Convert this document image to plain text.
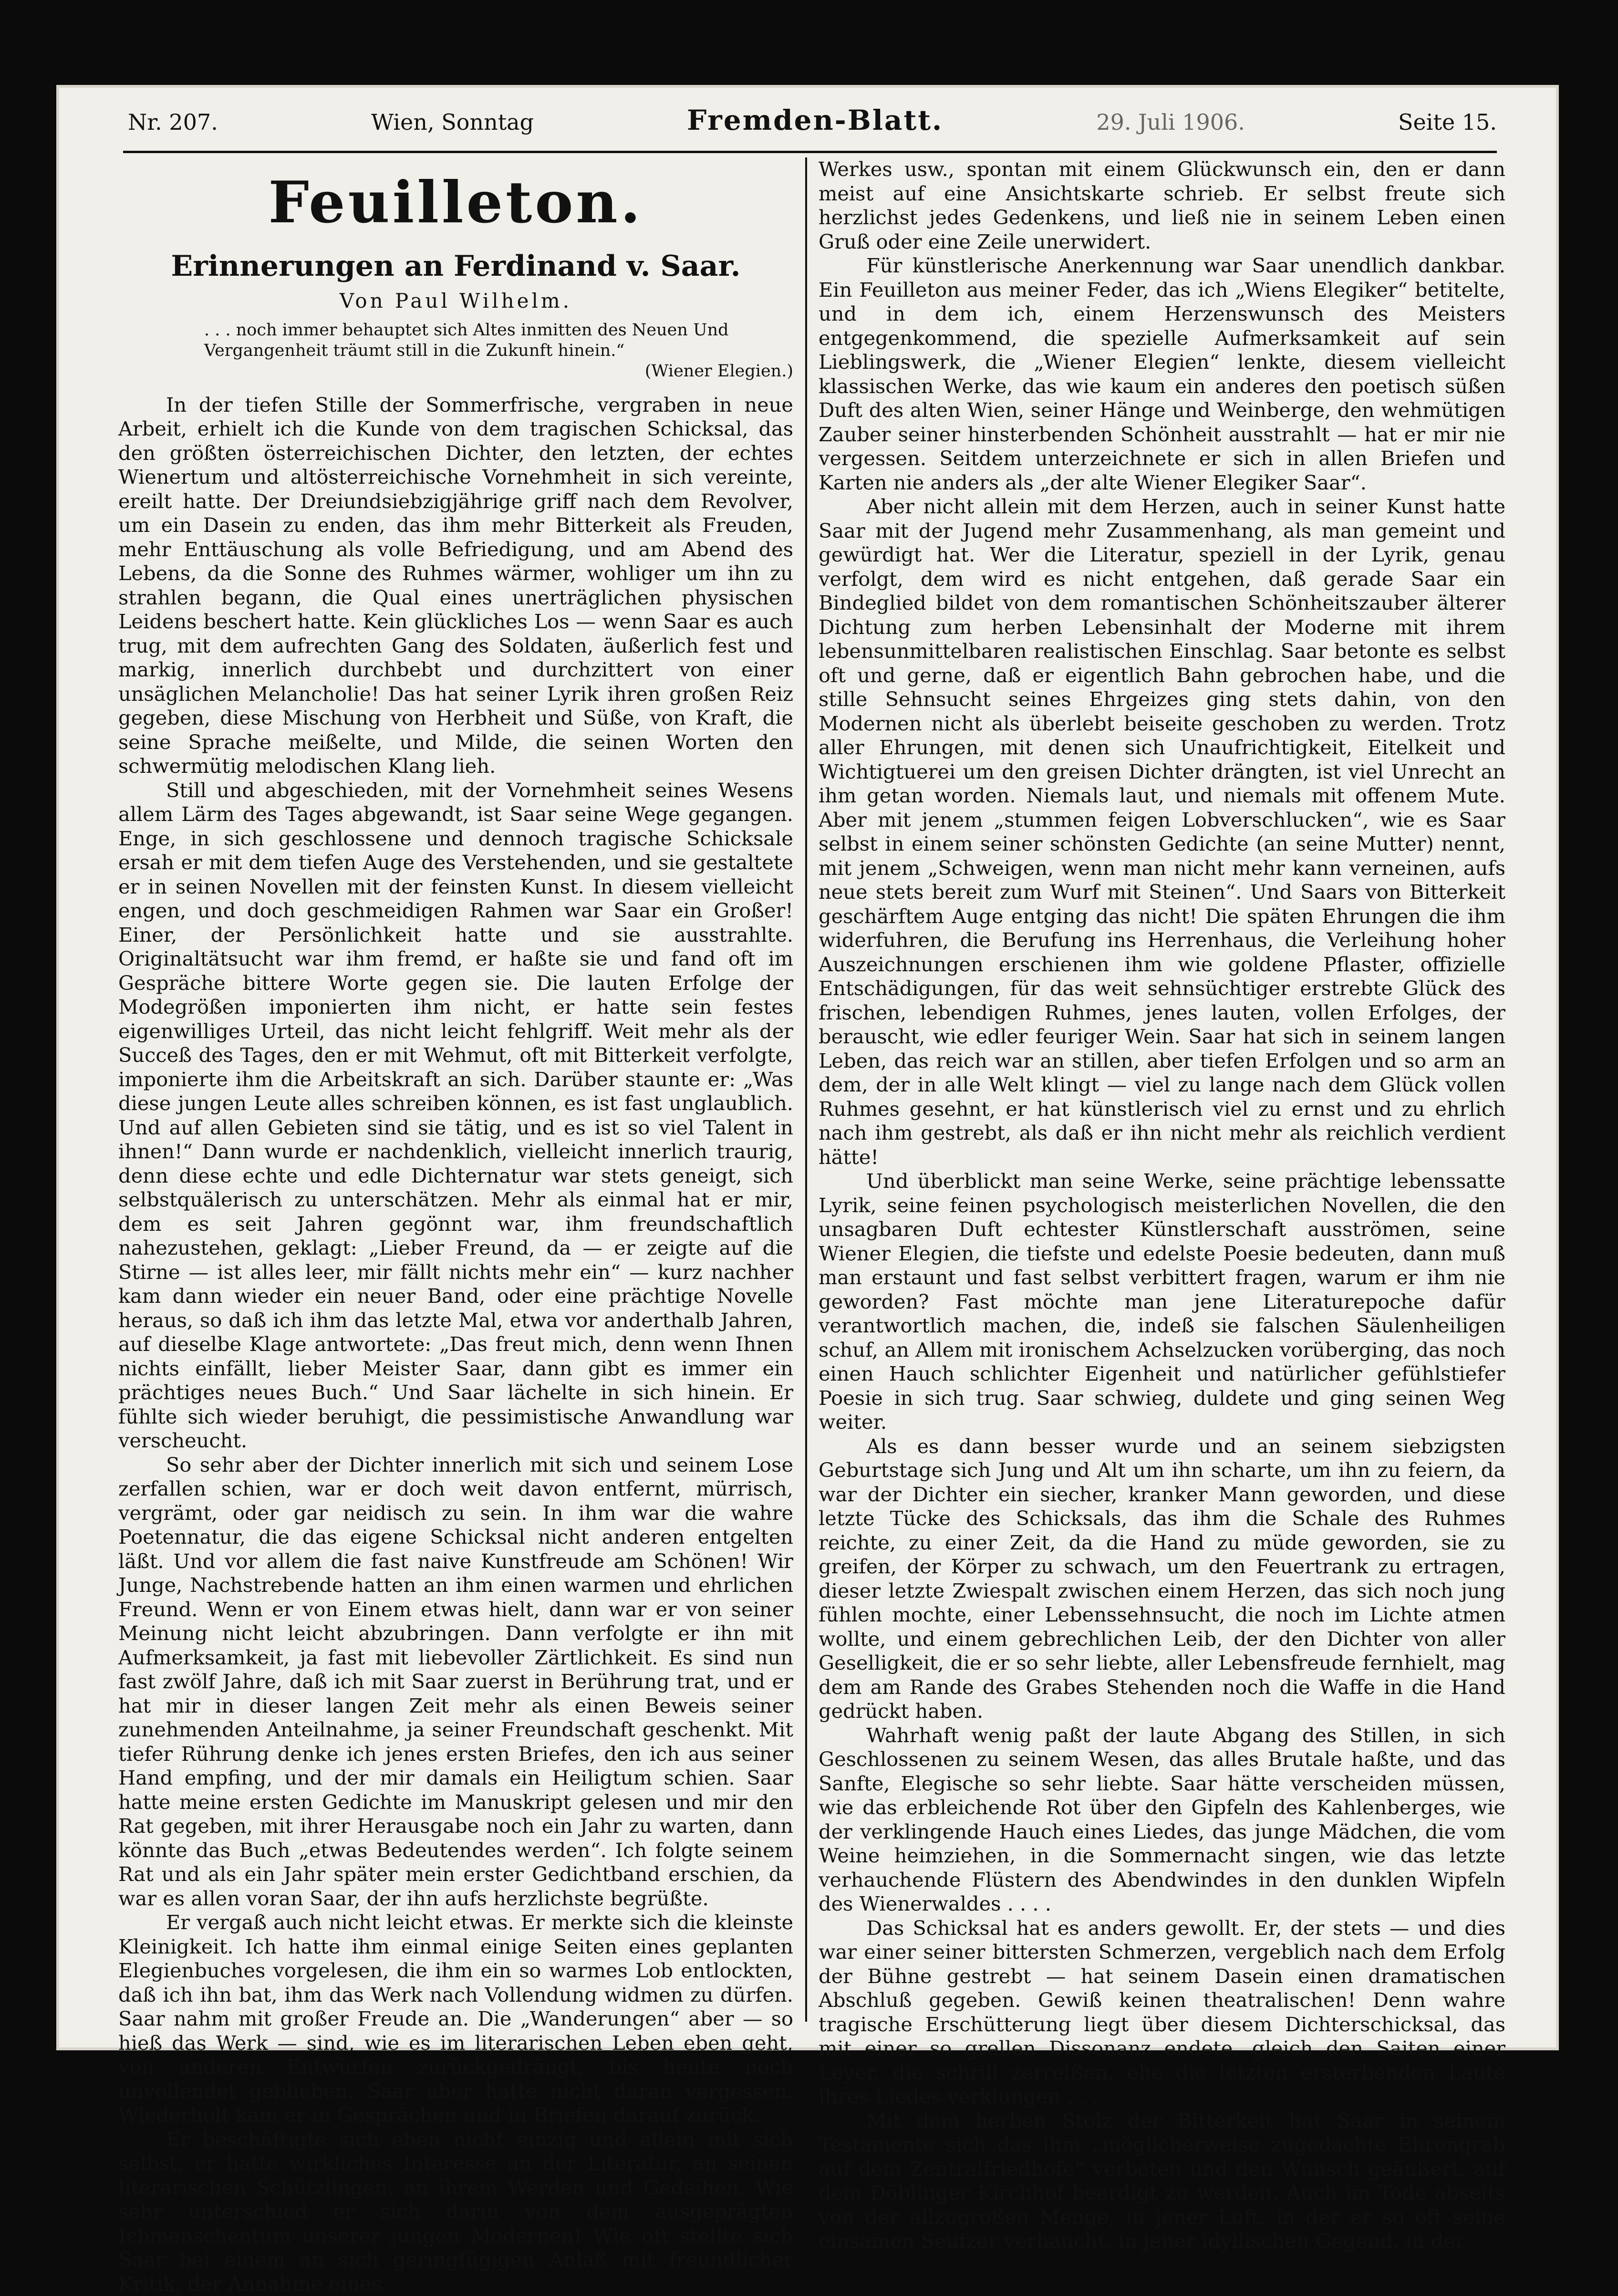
Nr. 207.	Wien, Sonntag	Fremden-Blatt.	29. Juli 1906.	Seite 15.
Feuilleton.
Erinnerungen an Ferdinand v. Saar.
Von Paul Wilhelm.
. . . noch immer behauptet sich Altes inmitten des Neuen Und Vergangenheit träumt still in die Zukunft hinein.“
(Wiener Elegien.)

In der tiefen Stille der Sommerfrische, vergraben in neue Arbeit, erhielt ich die Kunde von dem tragischen Schicksal, das den größten österreichischen Dichter, den letzten, der echtes Wienertum und altösterreichische Vornehmheit in sich vereinte, ereilt hatte. Der Dreiundsiebzigjährige griff nach dem Revolver, um ein Dasein zu enden, das ihm mehr Bitterkeit als Freuden, mehr Enttäuschung als volle Befriedigung, und am Abend des Lebens, da die Sonne des Ruhmes wärmer, wohliger um ihn zu strahlen begann, die Qual eines unerträglichen physischen Leidens beschert hatte. Kein glückliches Los — wenn Saar es auch trug, mit dem aufrechten Gang des Soldaten, äußerlich fest und markig, innerlich durchbebt und durchzittert von einer unsäglichen Melancholie! Das hat seiner Lyrik ihren großen Reiz gegeben, diese Mischung von Herbheit und Süße, von Kraft, die seine Sprache meißelte, und Milde, die seinen Worten den schwermütig melodischen Klang lieh.

Still und abgeschieden, mit der Vornehmheit seines Wesens allem Lärm des Tages abgewandt, ist Saar seine Wege gegangen. Enge, in sich geschlossene und dennoch tragische Schicksale ersah er mit dem tiefen Auge des Verstehenden, und sie gestaltete er in seinen Novellen mit der feinsten Kunst. In diesem vielleicht engen, und doch geschmeidigen Rahmen war Saar ein Großer! Einer, der Persönlichkeit hatte und sie ausstrahlte. Originaltätsucht war ihm fremd, er haßte sie und fand oft im Gespräche bittere Worte gegen sie. Die lauten Erfolge der Modegrößen imponierten ihm nicht, er hatte sein festes eigenwilliges Urteil, das nicht leicht fehlgriff. Weit mehr als der Succeß des Tages, den er mit Wehmut, oft mit Bitterkeit verfolgte, imponierte ihm die Arbeitskraft an sich. Darüber staunte er: „Was diese jungen Leute alles schreiben können, es ist fast unglaublich. Und auf allen Gebieten sind sie tätig, und es ist so viel Talent in ihnen!“ Dann wurde er nachdenklich, vielleicht innerlich traurig, denn diese echte und edle Dichternatur war stets geneigt, sich selbstquälerisch zu unterschätzen. Mehr als einmal hat er mir, dem es seit Jahren gegönnt war, ihm freundschaftlich nahezustehen, geklagt: „Lieber Freund, da — er zeigte auf die Stirne — ist alles leer, mir fällt nichts mehr ein“ — kurz nachher kam dann wieder ein neuer Band, oder eine prächtige Novelle heraus, so daß ich ihm das letzte Mal, etwa vor anderthalb Jahren, auf dieselbe Klage antwortete: „Das freut mich, denn wenn Ihnen nichts einfällt, lieber Meister Saar, dann gibt es immer ein prächtiges neues Buch.“ Und Saar lächelte in sich hinein. Er fühlte sich wieder beruhigt, die pessimistische Anwandlung war verscheucht.

So sehr aber der Dichter innerlich mit sich und seinem Lose zerfallen schien, war er doch weit davon entfernt, mürrisch, vergrämt, oder gar neidisch zu sein. In ihm war die wahre Poetennatur, die das eigene Schicksal nicht anderen entgelten läßt. Und vor allem die fast naive Kunstfreude am Schönen! Wir Junge, Nachstrebende hatten an ihm einen warmen und ehrlichen Freund. Wenn er von Einem etwas hielt, dann war er von seiner Meinung nicht leicht abzubringen. Dann verfolgte er ihn mit Aufmerksamkeit, ja fast mit liebevoller Zärtlichkeit. Es sind nun fast zwölf Jahre, daß ich mit Saar zuerst in Berührung trat, und er hat mir in dieser langen Zeit mehr als einen Beweis seiner zunehmenden Anteilnahme, ja seiner Freundschaft geschenkt. Mit tiefer Rührung denke ich jenes ersten Briefes, den ich aus seiner Hand empfing, und der mir damals ein Heiligtum schien. Saar hatte meine ersten Gedichte im Manuskript gelesen und mir den Rat gegeben, mit ihrer Herausgabe noch ein Jahr zu warten, dann könnte das Buch „etwas Bedeutendes werden“. Ich folgte seinem Rat und als ein Jahr später mein erster Gedichtband erschien, da war es allen voran Saar, der ihn aufs herzlichste begrüßte.

Er vergaß auch nicht leicht etwas. Er merkte sich die kleinste Kleinigkeit. Ich hatte ihm einmal einige Seiten eines geplanten Elegienbuches vorgelesen, die ihm ein so warmes Lob entlockten, daß ich ihn bat, ihm das Werk nach Vollendung widmen zu dürfen. Saar nahm mit großer Freude an. Die „Wanderungen“ aber — so hieß das Werk — sind, wie es im literarischen Leben eben geht, von anderen Entwürfen zurückgedrängt, bis heute noch unvollendet geblieben. Saar aber hatte nicht daran vergessen. Wiederholt kam er in Gesprächen und in Briefen darauf zurück.

Er beschäftigte sich eben nicht einzig und allein mit sich selbst, er hatte wirkliches Interesse an der Literatur, an seinen literarischen Schützlingen, an ihrem Werden und Gedeihen. Wie sehr unterschied er sich darin von dem ausgeprägten Ichmenschentum unserer jungen Modernen! Wie oft stellte sich Saar bei einem an sich geringfügigen Anlaß mit freundlicher Kritik, der Annahme eines

Werkes usw., spontan mit einem Glückwunsch ein, den er dann meist auf eine Ansichtskarte schrieb. Er selbst freute sich herzlichst jedes Gedenkens, und ließ nie in seinem Leben einen Gruß oder eine Zeile unerwidert.

Für künstlerische Anerkennung war Saar unendlich dankbar. Ein Feuilleton aus meiner Feder, das ich „Wiens Elegiker“ betitelte, und in dem ich, einem Herzenswunsch des Meisters entgegenkommend, die spezielle Aufmerksamkeit auf sein Lieblingswerk, die „Wiener Elegien“ lenkte, diesem vielleicht klassischen Werke, das wie kaum ein anderes den poetisch süßen Duft des alten Wien, seiner Hänge und Weinberge, den wehmütigen Zauber seiner hinsterbenden Schönheit ausstrahlt — hat er mir nie vergessen. Seitdem unterzeichnete er sich in allen Briefen und Karten nie anders als „der alte Wiener Elegiker Saar“.

Aber nicht allein mit dem Herzen, auch in seiner Kunst hatte Saar mit der Jugend mehr Zusammenhang, als man gemeint und gewürdigt hat. Wer die Literatur, speziell in der Lyrik, genau verfolgt, dem wird es nicht entgehen, daß gerade Saar ein Bindeglied bildet von dem romantischen Schönheitszauber älterer Dichtung zum herben Lebensinhalt der Moderne mit ihrem lebensunmittelbaren realistischen Einschlag. Saar betonte es selbst oft und gerne, daß er eigentlich Bahn gebrochen habe, und die stille Sehnsucht seines Ehrgeizes ging stets dahin, von den Modernen nicht als überlebt beiseite geschoben zu werden. Trotz aller Ehrungen, mit denen sich Unaufrichtigkeit, Eitelkeit und Wichtigtuerei um den greisen Dichter drängten, ist viel Unrecht an ihm getan worden. Niemals laut, und niemals mit offenem Mute. Aber mit jenem „stummen feigen Lobverschlucken“, wie es Saar selbst in einem seiner schönsten Gedichte (an seine Mutter) nennt, mit jenem „Schweigen, wenn man nicht mehr kann verneinen, aufs neue stets bereit zum Wurf mit Steinen“. Und Saars von Bitterkeit geschärftem Auge entging das nicht! Die späten Ehrungen die ihm widerfuhren, die Berufung ins Herrenhaus, die Verleihung hoher Auszeichnungen erschienen ihm wie goldene Pflaster, offizielle Entschädigungen, für das weit sehnsüchtiger erstrebte Glück des frischen, lebendigen Ruhmes, jenes lauten, vollen Erfolges, der berauscht, wie edler feuriger Wein. Saar hat sich in seinem langen Leben, das reich war an stillen, aber tiefen Erfolgen und so arm an dem, der in alle Welt klingt — viel zu lange nach dem Glück vollen Ruhmes gesehnt, er hat künstlerisch viel zu ernst und zu ehrlich nach ihm gestrebt, als daß er ihn nicht mehr als reichlich verdient hätte!

Und überblickt man seine Werke, seine prächtige lebenssatte Lyrik, seine feinen psychologisch meisterlichen Novellen, die den unsagbaren Duft echtester Künstlerschaft ausströmen, seine Wiener Elegien, die tiefste und edelste Poesie bedeuten, dann muß man erstaunt und fast selbst verbittert fragen, warum er ihm nie geworden? Fast möchte man jene Literaturepoche dafür verantwortlich machen, die, indeß sie falschen Säulenheiligen schuf, an Allem mit ironischem Achselzucken vorüberging, das noch einen Hauch schlichter Eigenheit und natürlicher gefühlstiefer Poesie in sich trug. Saar schwieg, duldete und ging seinen Weg weiter.

Als es dann besser wurde und an seinem siebzigsten Geburtstage sich Jung und Alt um ihn scharte, um ihn zu feiern, da war der Dichter ein siecher, kranker Mann geworden, und diese letzte Tücke des Schicksals, das ihm die Schale des Ruhmes reichte, zu einer Zeit, da die Hand zu müde geworden, sie zu greifen, der Körper zu schwach, um den Feuertrank zu ertragen, dieser letzte Zwiespalt zwischen einem Herzen, das sich noch jung fühlen mochte, einer Lebenssehnsucht, die noch im Lichte atmen wollte, und einem gebrechlichen Leib, der den Dichter von aller Geselligkeit, die er so sehr liebte, aller Lebensfreude fernhielt, mag dem am Rande des Grabes Stehenden noch die Waffe in die Hand gedrückt haben.

Wahrhaft wenig paßt der laute Abgang des Stillen, in sich Geschlossenen zu seinem Wesen, das alles Brutale haßte, und das Sanfte, Elegische so sehr liebte. Saar hätte verscheiden müssen, wie das erbleichende Rot über den Gipfeln des Kahlenberges, wie der verklingende Hauch eines Liedes, das junge Mädchen, die vom Weine heimziehen, in die Sommernacht singen, wie das letzte verhauchende Flüstern des Abendwindes in den dunklen Wipfeln des Wienerwaldes . . . .

Das Schicksal hat es anders gewollt. Er, der stets — und dies war einer seiner bittersten Schmerzen, vergeblich nach dem Erfolg der Bühne gestrebt — hat seinem Dasein einen dramatischen Abschluß gegeben. Gewiß keinen theatralischen! Denn wahre tragische Erschütterung liegt über diesem Dichterschicksal, das mit einer so grellen Dissonanz endete, gleich den Saiten einer Leyer, die schrill zerreißen, ehe die letzten ersterbenden Laute ihres Liedes verklungen . . .

Mit dem herben Stolz der Bitterkeit hat Saar in seinem Testamente sich das ihm „möglicherweise zugedachte Ehrengrab auf dem Zentralfriedhofe“ verbeten und den Wunsch geäußert, auf dem Döblinger Kirchhof beerdigt zu werden. Auch im Tode abseits von der allzugroßen Menge, in jener Luft, in der er so oft seine einsamen Seufzer verhaucht, in jener idyllischen Gegend, in der
